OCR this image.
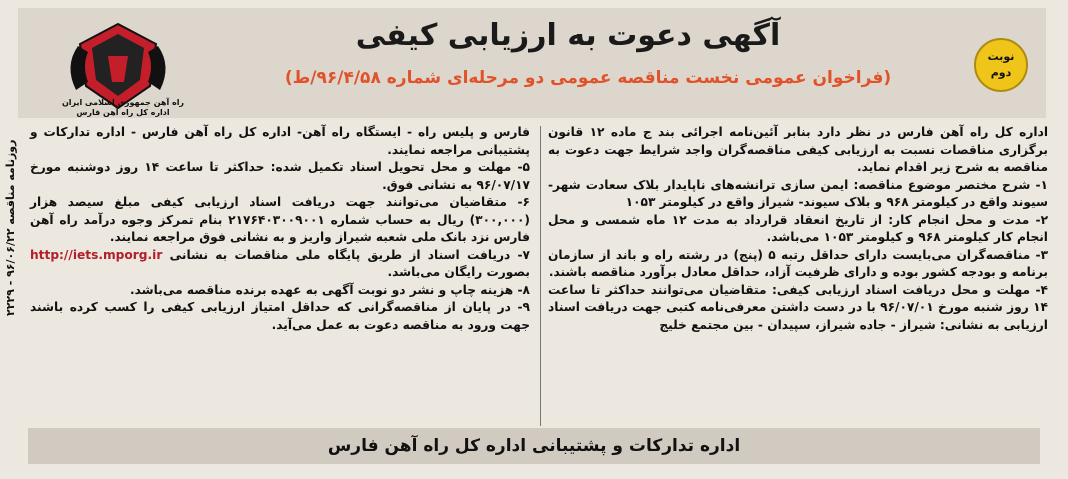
آگهی دعوت به ارزیابی کیفی
(فراخوان عمومی نخست مناقصه عمومی دو مرحله‌ای شماره ۹۶/۴/۵۸/ط)
نوبت
دوم
راه آهن جمهوری اسلامی ایران
اداره کل راه آهن فارس

اداره کل راه آهن فارس در نظر دارد بنابر آئین‌نامه اجرائی بند ج ماده ۱۲ قانون برگزاری مناقصات نسبت به ارزیابی کیفی مناقصه‌گران واجد شرایط جهت دعوت به مناقصه به شرح زیر اقدام نماید.

۱- شرح مختصر موضوع مناقصه: ایمن سازی ترانشه‌های ناپایدار بلاک سعادت شهر- سیوند واقع در کیلومتر ۹۶۸ و بلاک سیوند- شیراز واقع در کیلومتر ۱۰۵۳

۲- مدت و محل انجام کار: از تاریخ انعقاد قرارداد به مدت ۱۲ ماه شمسی و محل انجام کار کیلومتر ۹۶۸ و کیلومتر ۱۰۵۳ می‌باشد.

۳- مناقصه‌گران می‌بایست دارای حداقل رتبه ۵ (پنج) در رشته راه و باند از سازمان برنامه و بودجه کشور بوده و دارای ظرفیت آزاد، حداقل معادل برآورد مناقصه باشند.

۴- مهلت و محل دریافت اسناد ارزیابی کیفی: متقاضیان می‌توانند حداکثر تا ساعت ۱۴ روز شنبه مورخ ۹۶/۰۷/۰۱ با در دست داشتن معرفی‌نامه کتبی جهت دریافت اسناد ارزیابی به نشانی: شیراز - جاده شیراز، سپیدان - بین مجتمع خلیج

فارس و پلیس راه - ایستگاه راه آهن- اداره کل راه آهن فارس - اداره تدارکات و پشتیبانی مراجعه نمایند.

۵- مهلت و محل تحویل اسناد تکمیل شده: حداکثر تا ساعت ۱۴ روز دوشنبه مورخ ۹۶/۰۷/۱۷ به نشانی فوق.

۶- متقاضیان می‌توانند جهت دریافت اسناد ارزیابی کیفی مبلغ سیصد هزار (۳۰۰,۰۰۰) ریال به حساب شماره ۲۱۷۶۴۰۳۰۰۹۰۰۱ بنام تمرکز وجوه درآمد راه آهن فارس نزد بانک ملی شعبه شیراز واریز و به نشانی فوق مراجعه نمایند.

۷- دریافت اسناد از طریق پایگاه ملی مناقصات به نشانی http://iets.mporg.ir بصورت رایگان می‌باشد.

۸- هزینه چاپ و نشر دو نوبت آگهی به عهده برنده مناقصه می‌باشد.

۹- در پایان از مناقصه‌گرانی که حداقل امتیاز ارزیابی کیفی را کسب کرده باشند جهت ورود به مناقصه دعوت به عمل می‌آید.

اداره تدارکات و پشتیبانی اداره کل راه آهن فارس
روزنامه مناقصه ۹۶/۰۶/۲۲ - ۲۲۲۹
